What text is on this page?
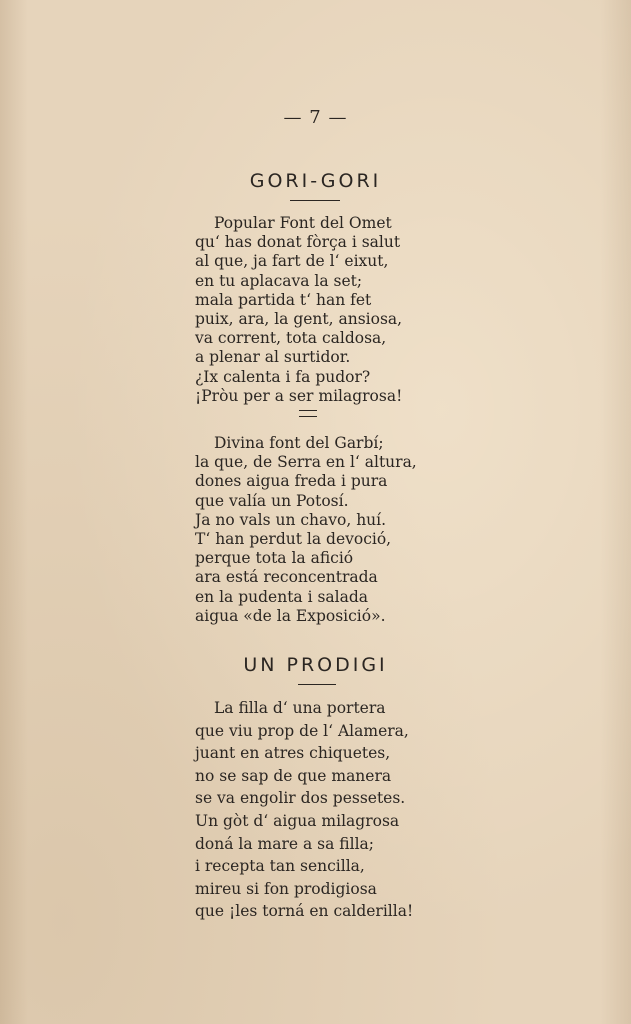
— 7 —
GORI-GORI
Popular Font del Omet
qu‘ has donat fòrça i salut
al que, ja fart de l‘ eixut,
en tu aplacava la set;
mala partida t‘ han fet
puix, ara, la gent, ansiosa,
va corrent, tota caldosa,
a plenar al surtidor.
¿Ix calenta i fa pudor?
¡Pròu per a ser milagrosa!
Divina font del Garbí;
la que, de Serra en l‘ altura,
dones aigua freda i pura
que valía un Potosí.
Ja no vals un chavo, huí.
T‘ han perdut la devoció,
perque tota la afició
ara está reconcentrada
en la pudenta i salada
aigua «de la Exposició».
UN PRODIGI
La filla d‘ una portera
que viu prop de l‘ Alamera,
juant en atres chiquetes,
no se sap de que manera
se va engolir dos pessetes.
Un gòt d‘ aigua milagrosa
doná la mare a sa filla;
i recepta tan sencilla,
mireu si fon prodigiosa
que ¡les torná en calderilla!
